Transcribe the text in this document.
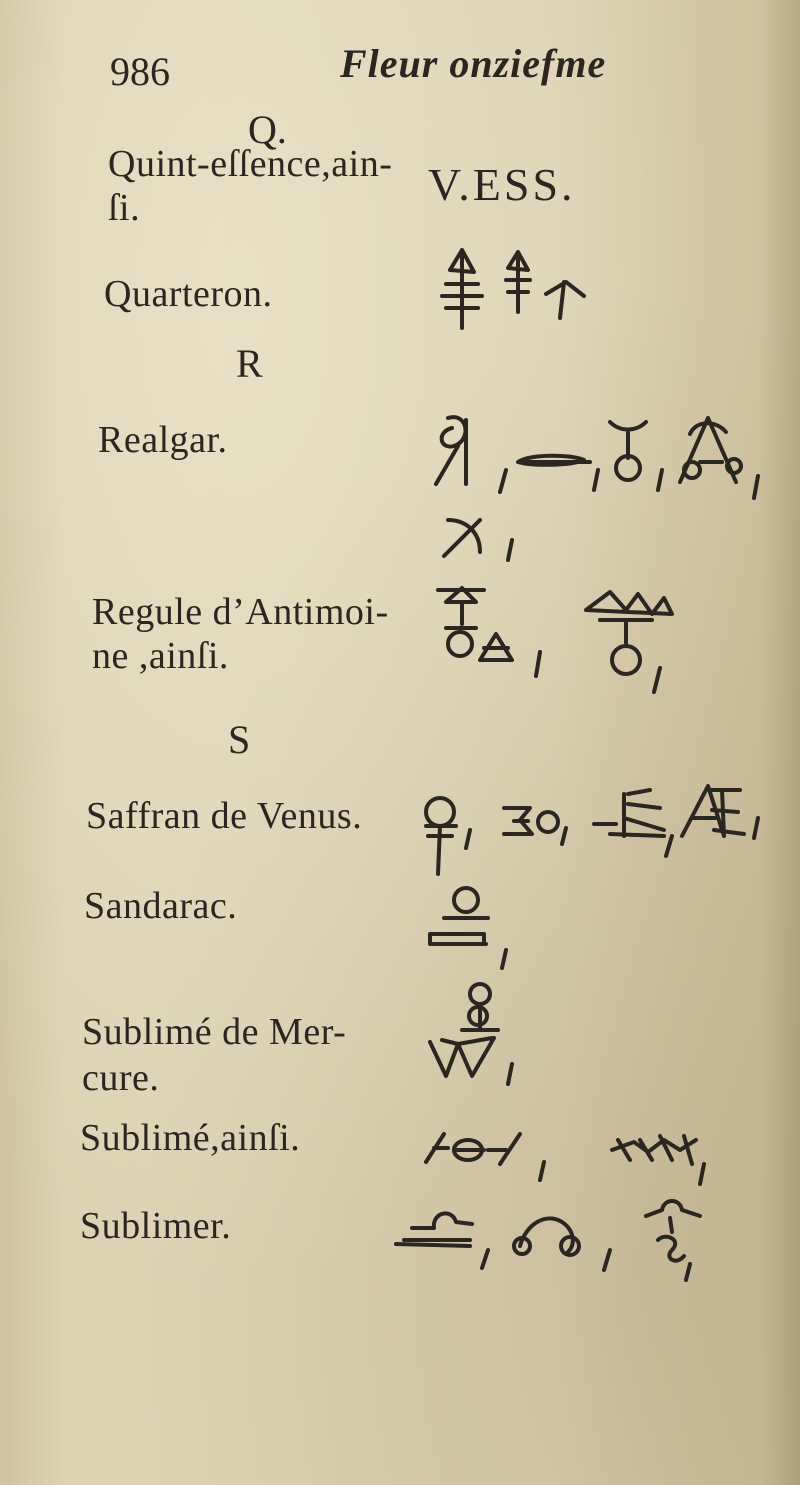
986	Fleur onziefme
Q.
Quint-eſſence,ain-
ſi.	V.ESS.
Quarteron.
R
Realgar.
Regule d’Antimoi-
ne ,ainſi.
S
Saffran de Venus.
Sandarac.
Sublimé de Mer-
cure.
Sublimé,ainſi.
Sublimer.
